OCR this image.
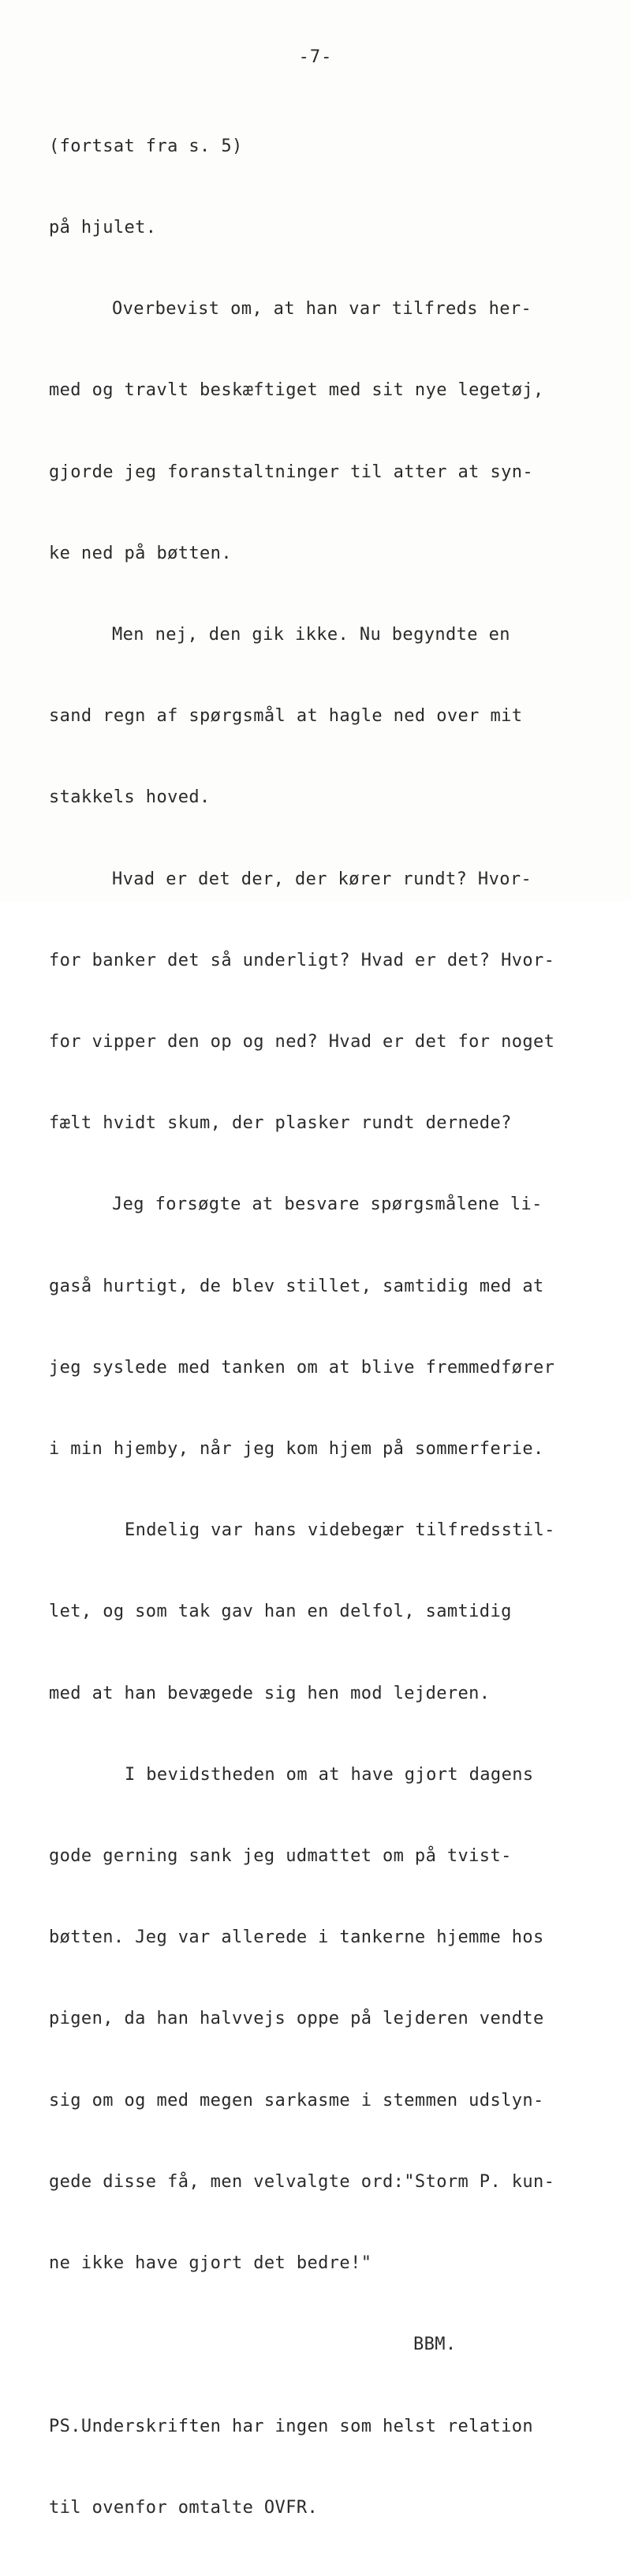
-7-

(fortsat fra s. 5)

på hjulet.

Overbevist om, at han var tilfreds her-

med og travlt beskæftiget med sit nye legetøj,

gjorde jeg foranstaltninger til atter at syn-

ke ned på bøtten.

Men nej, den gik ikke. Nu begyndte en

sand regn af spørgsmål at hagle ned over mit

stakkels hoved.

Hvad er det der, der kører rundt? Hvor-

for banker det så underligt? Hvad er det? Hvor-

for vipper den op og ned? Hvad er det for noget

fælt hvidt skum, der plasker rundt dernede?

Jeg forsøgte at besvare spørgsmålene li-

gaså hurtigt, de blev stillet, samtidig med at

jeg syslede med tanken om at blive fremmedfører

i min hjemby, når jeg kom hjem på sommerferie.

Endelig var hans videbegær tilfredsstil-

let, og som tak gav han en delfol, samtidig

med at han bevægede sig hen mod lejderen.

I bevidstheden om at have gjort dagens

gode gerning sank jeg udmattet om på tvist-

bøtten. Jeg var allerede i tankerne hjemme hos

pigen, da han halvvejs oppe på lejderen vendte

sig om og med megen sarkasme i stemmen udslyn-

gede disse få, men velvalgte ord:"Storm P. kun-

ne ikke have gjort det bedre!"

BBM.

PS.Underskriften har ingen som helst relation

til ovenfor omtalte OVFR.
